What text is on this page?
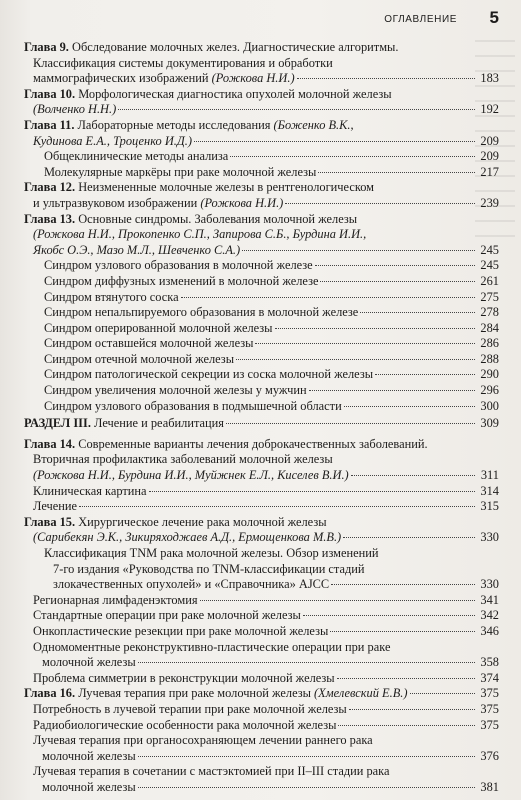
ОГЛАВЛЕНИЕ 5
Глава 9. Обследование молочных желез. Диагностические алгоритмы.
Классификация системы документирования и обработки
маммографических изображений (Рожкова Н.И.)	183
Глава 10. Морфологическая диагностика опухолей молочной железы
(Волченко Н.Н.)	192
Глава 11. Лабораторные методы исследования (Боженко В.К.,
Кудинова Е.А., Троценко И.Д.)	209
Общеклинические методы анализа	209
Молекулярные маркёры при раке молочной железы	217
Глава 12. Неизмененные молочные железы в рентгенологическом
и ультразвуковом изображении (Рожкова Н.И.)	239
Глава 13. Основные синдромы. Заболевания молочной железы
(Рожкова Н.И., Прокопенко С.П., Запирова С.Б., Бурдина И.И.,
Якобс О.Э., Мазо М.Л., Шевченко С.А.)	245
Синдром узлового образования в молочной железе	245
Синдром диффузных изменений в молочной железе	261
Синдром втянутого соска	275
Синдром непальпируемого образования в молочной железе	278
Синдром оперированной молочной железы	284
Синдром оставшейся молочной железы	286
Синдром отечной молочной железы	288
Синдром патологической секреции из соска молочной железы	290
Синдром увеличения молочной железы у мужчин	296
Синдром узлового образования в подмышечной области	300
РАЗДЕЛ III. Лечение и реабилитация	309
Глава 14. Современные варианты лечения доброкачественных заболеваний.
Вторичная профилактика заболеваний молочной железы
(Рожкова Н.И., Бурдина И.И., Муйжнек Е.Л., Киселев В.И.)	311
Клиническая картина	314
Лечение	315
Глава 15. Хирургическое лечение рака молочной железы
(Сарибекян Э.К., Зикиряходжаев А.Д., Ермощенкова М.В.)	330
Классификация TNM рака молочной железы. Обзор изменений
7-го издания «Руководства по TNM-классификации стадий
злокачественных опухолей» и «Справочника» AJCC	330
Регионарная лимфаденэктомия	341
Стандартные операции при раке молочной железы	342
Онкопластические резекции при раке молочной железы	346
Одномоментные реконструктивно-пластические операции при раке
молочной железы	358
Проблема симметрии в реконструкции молочной железы	374
Глава 16. Лучевая терапия при раке молочной железы (Хмелевский Е.В.)	375
Потребность в лучевой терапии при раке молочной железы	375
Радиобиологические особенности рака молочной железы	375
Лучевая терапия при органосохраняющем лечении раннего рака
молочной железы	376
Лучевая терапия в сочетании с мастэктомией при II–III стадии рака
молочной железы	381
